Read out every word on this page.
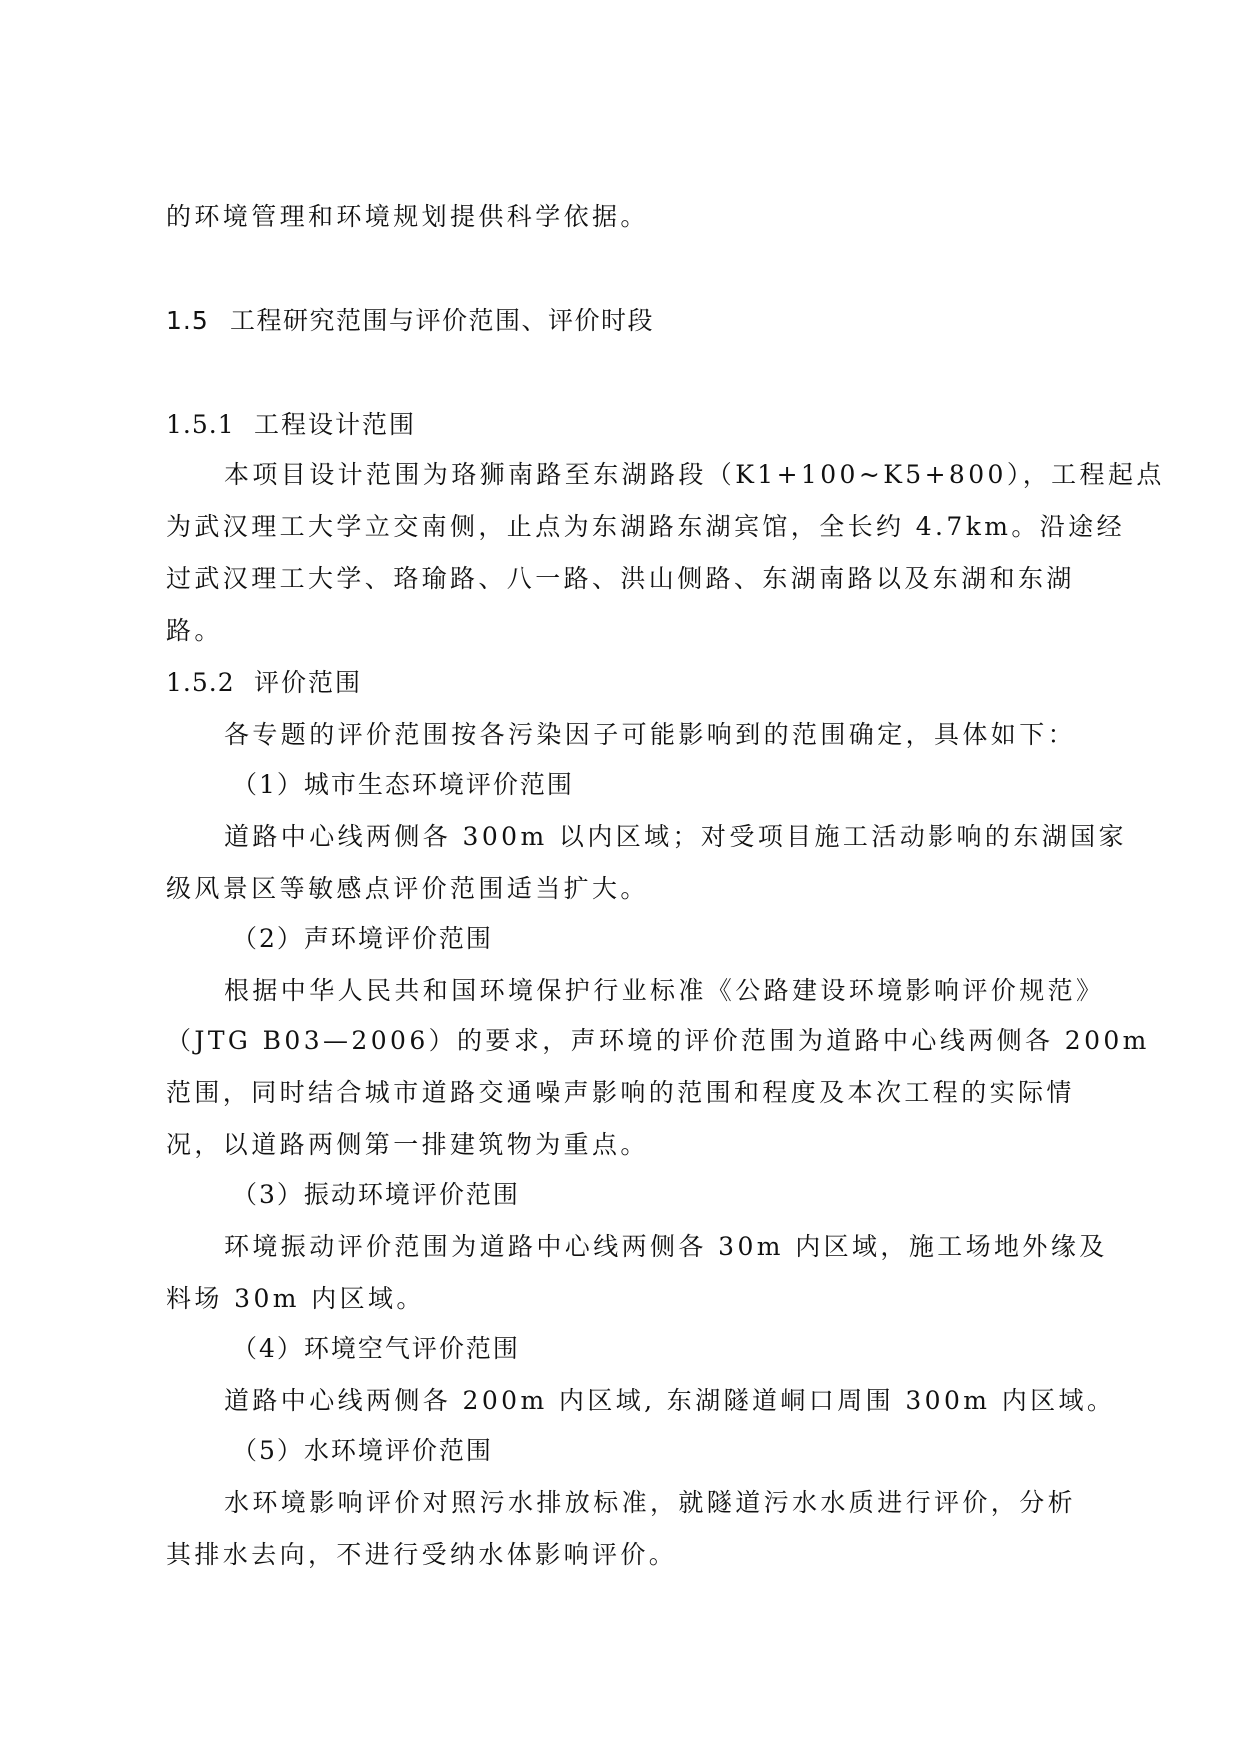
的环境管理和环境规划提供科学依据。
1.5 工程研究范围与评价范围、评价时段
1.5.1 工程设计范围
本项目设计范围为珞狮南路至东湖路段（K1+100~K5+800），工程起点
为武汉理工大学立交南侧，止点为东湖路东湖宾馆，全长约 4.7km。沿途经
过武汉理工大学、珞瑜路、八一路、洪山侧路、东湖南路以及东湖和东湖
路。
1.5.2 评价范围
各专题的评价范围按各污染因子可能影响到的范围确定，具体如下：
（1）城市生态环境评价范围
道路中心线两侧各 300m 以内区域；对受项目施工活动影响的东湖国家
级风景区等敏感点评价范围适当扩大。
（2）声环境评价范围
根据中华人民共和国环境保护行业标准《公路建设环境影响评价规范》
（JTG B03—2006）的要求，声环境的评价范围为道路中心线两侧各 200m
范围，同时结合城市道路交通噪声影响的范围和程度及本次工程的实际情
况，以道路两侧第一排建筑物为重点。
（3）振动环境评价范围
环境振动评价范围为道路中心线两侧各 30m 内区域，施工场地外缘及
料场 30m 内区域。
（4）环境空气评价范围
道路中心线两侧各 200m 内区域, 东湖隧道峒口周围 300m 内区域。
（5）水环境评价范围
水环境影响评价对照污水排放标准，就隧道污水水质进行评价，分析
其排水去向，不进行受纳水体影响评价。
